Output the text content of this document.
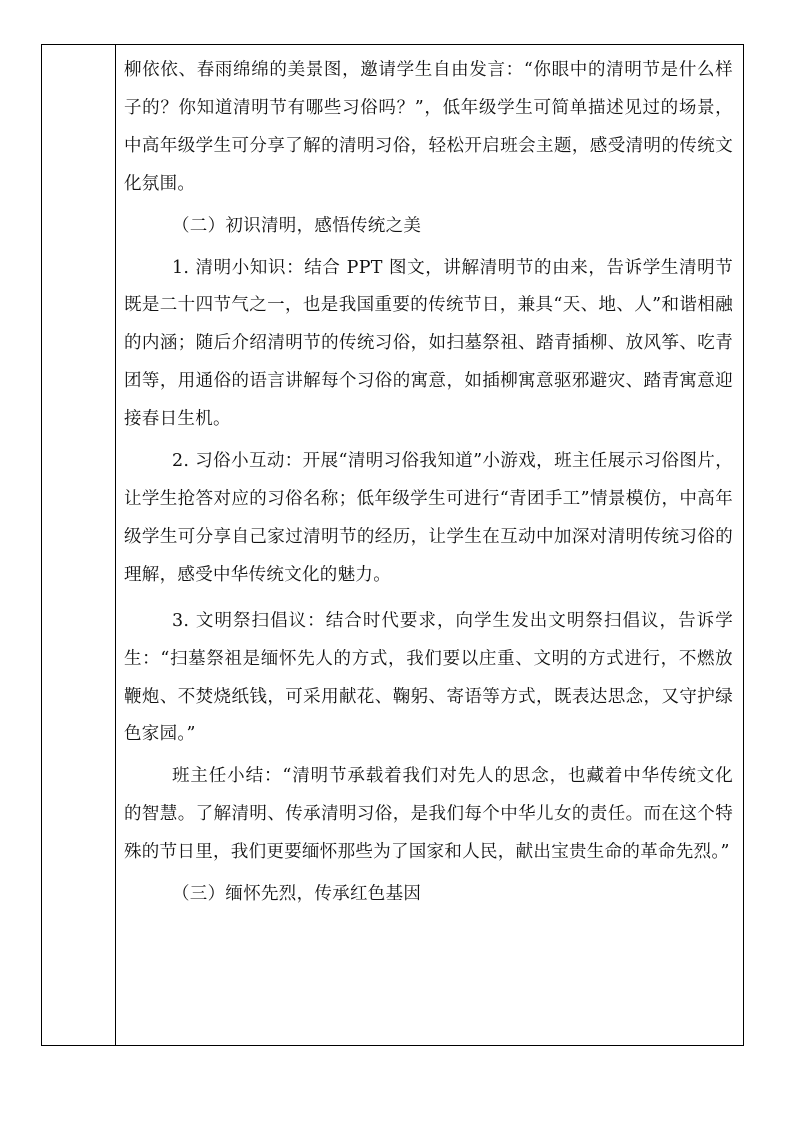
柳依依、春雨绵绵的美景图，邀请学生自由发言：“你眼中的清明节是什么样子的？你知道清明节有哪些习俗吗？”，低年级学生可简单描述见过的场景，中高年级学生可分享了解的清明习俗，轻松开启班会主题，感受清明的传统文化氛围。

（二）初识清明，感悟传统之美

1. 清明小知识：结合 PPT 图文，讲解清明节的由来，告诉学生清明节既是二十四节气之一，也是我国重要的传统节日，兼具“天、地、人”和谐相融的内涵；随后介绍清明节的传统习俗，如扫墓祭祖、踏青插柳、放风筝、吃青团等，用通俗的语言讲解每个习俗的寓意，如插柳寓意驱邪避灾、踏青寓意迎接春日生机。

2. 习俗小互动：开展“清明习俗我知道”小游戏，班主任展示习俗图片，让学生抢答对应的习俗名称；低年级学生可进行“青团手工”情景模仿，中高年级学生可分享自己家过清明节的经历，让学生在互动中加深对清明传统习俗的理解，感受中华传统文化的魅力。

3. 文明祭扫倡议：结合时代要求，向学生发出文明祭扫倡议，告诉学生：“扫墓祭祖是缅怀先人的方式，我们要以庄重、文明的方式进行，不燃放鞭炮、不焚烧纸钱，可采用献花、鞠躬、寄语等方式，既表达思念，又守护绿色家园。”

班主任小结：“清明节承载着我们对先人的思念，也藏着中华传统文化的智慧。了解清明、传承清明习俗，是我们每个中华儿女的责任。而在这个特殊的节日里，我们更要缅怀那些为了国家和人民，献出宝贵生命的革命先烈。”

（三）缅怀先烈，传承红色基因
